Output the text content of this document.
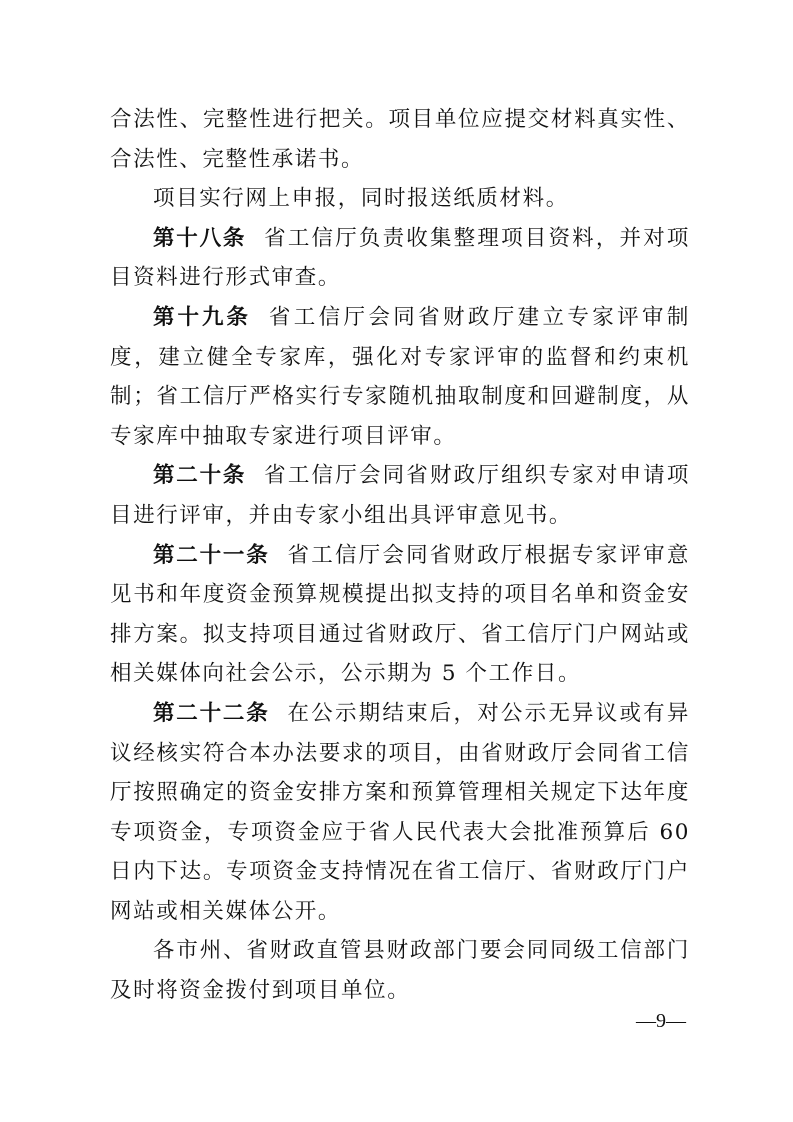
合法性、完整性进行把关。项目单位应提交材料真实性、合法性、完整性承诺书。

项目实行网上申报，同时报送纸质材料。

第十八条 省工信厅负责收集整理项目资料，并对项目资料进行形式审查。

第十九条 省工信厅会同省财政厅建立专家评审制度，建立健全专家库，强化对专家评审的监督和约束机制；省工信厅严格实行专家随机抽取制度和回避制度，从专家库中抽取专家进行项目评审。

第二十条 省工信厅会同省财政厅组织专家对申请项目进行评审，并由专家小组出具评审意见书。

第二十一条 省工信厅会同省财政厅根据专家评审意见书和年度资金预算规模提出拟支持的项目名单和资金安排方案。拟支持项目通过省财政厅、省工信厅门户网站或相关媒体向社会公示，公示期为 5 个工作日。

第二十二条 在公示期结束后，对公示无异议或有异议经核实符合本办法要求的项目，由省财政厅会同省工信厅按照确定的资金安排方案和预算管理相关规定下达年度专项资金，专项资金应于省人民代表大会批准预算后 60 日内下达。专项资金支持情况在省工信厅、省财政厅门户网站或相关媒体公开。

各市州、省财政直管县财政部门要会同同级工信部门及时将资金拨付到项目单位。

—9—
